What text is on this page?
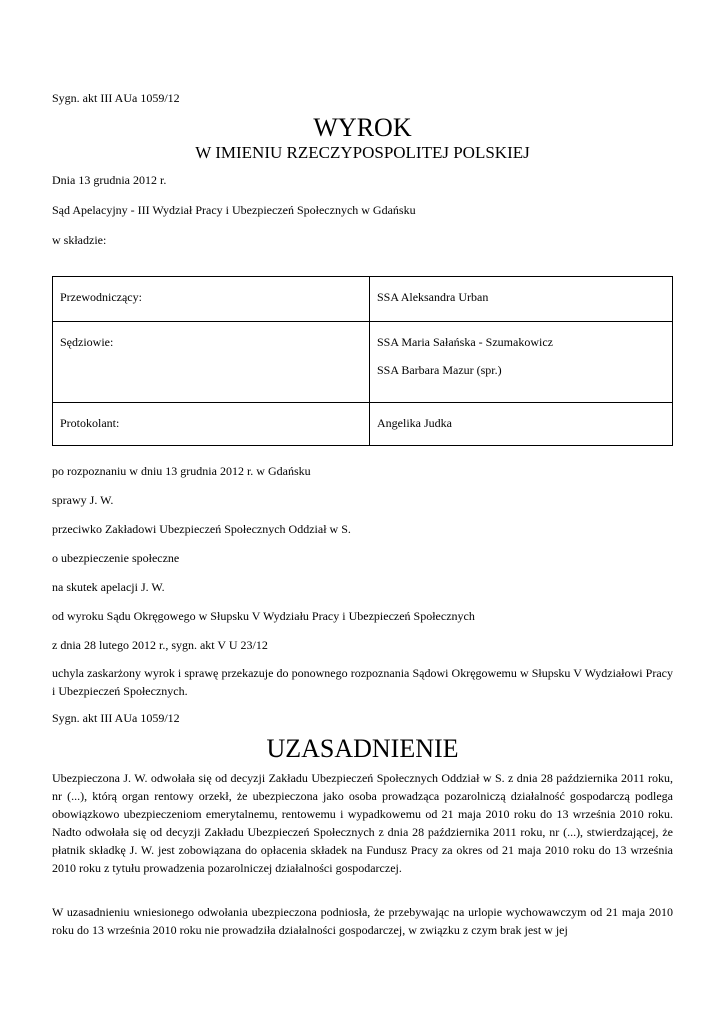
Sygn. akt III AUa 1059/12
WYROK
W IMIENIU RZECZYPOSPOLITEJ POLSKIEJ
Dnia 13 grudnia 2012 r.
Sąd Apelacyjny - III Wydział Pracy i Ubezpieczeń Społecznych w Gdańsku
w składzie:
Przewodniczący:	SSA Aleksandra Urban
Sędziowie:	SSA Maria Sałańska - Szumakowicz
SSA Barbara Mazur (spr.)

Protokolant:	Angelika Judka
po rozpoznaniu w dniu 13 grudnia 2012 r. w Gdańsku
sprawy J. W.
przeciwko Zakładowi Ubezpieczeń Społecznych Oddział w S.
o ubezpieczenie społeczne
na skutek apelacji J. W.
od wyroku Sądu Okręgowego w Słupsku V Wydziału Pracy i Ubezpieczeń Społecznych
z dnia 28 lutego 2012 r., sygn. akt V U 23/12
uchyla zaskarżony wyrok i sprawę przekazuje do ponownego rozpoznania Sądowi Okręgowemu w Słupsku V Wydziałowi Pracy i Ubezpieczeń Społecznych.
Sygn. akt III AUa 1059/12
UZASADNIENIE
Ubezpieczona J. W. odwołała się od decyzji Zakładu Ubezpieczeń Społecznych Oddział w S. z dnia 28 października 2011 roku, nr (...), którą organ rentowy orzekł, że ubezpieczona jako osoba prowadząca pozarolniczą działalność gospodarczą podlega obowiązkowo ubezpieczeniom emerytalnemu, rentowemu i wypadkowemu od 21 maja 2010 roku do 13 września 2010 roku. Nadto odwołała się od decyzji Zakładu Ubezpieczeń Społecznych z dnia 28 października 2011 roku, nr (...), stwierdzającej, że płatnik składkę J. W. jest zobowiązana do opłacenia składek na Fundusz Pracy za okres od 21 maja 2010 roku do 13 września 2010 roku z tytułu prowadzenia pozarolniczej działalności gospodarczej.
W uzasadnieniu wniesionego odwołania ubezpieczona podniosła, że przebywając na urlopie wychowawczym od 21 maja 2010 roku do 13 września 2010 roku nie prowadziła działalności gospodarczej, w związku z czym brak jest w jej
